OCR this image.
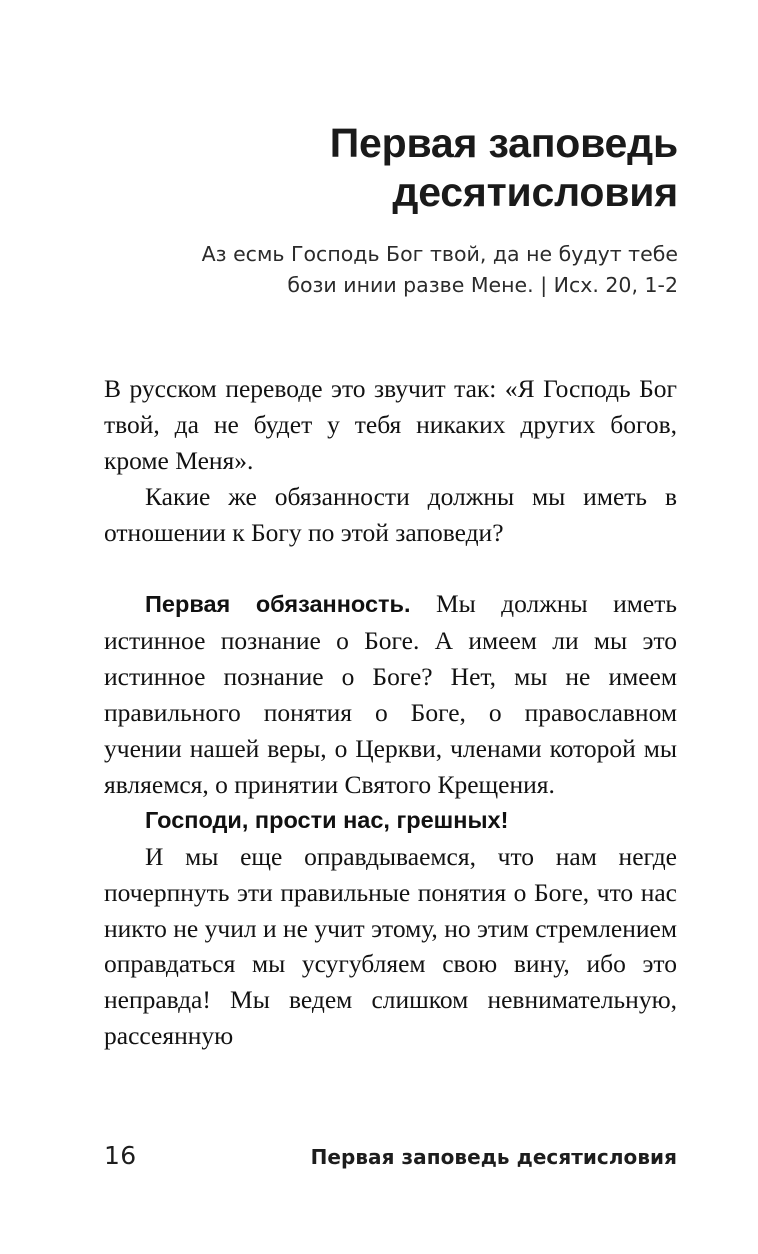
Первая заповедь
десятисловия
Аз есмь Господь Бог твой, да не будут тебе
бози инии разве Мене. | Исх. 20, 1-2

В русском переводе это звучит так: «Я Господь Бог твой, да не будет у тебя никаких других богов, кроме Меня».

Какие же обязанности должны мы иметь в отношении к Богу по этой заповеди?

Первая обязанность. Мы должны иметь истинное познание о Боге. А имеем ли мы это истинное познание о Боге? Нет, мы не имеем правильного понятия о Боге, о православном учении нашей веры, о Церкви, членами которой мы являемся, о принятии Святого Крещения.

Господи, прости нас, грешных!

И мы еще оправдываемся, что нам негде почерпнуть эти правильные понятия о Боге, что нас никто не учил и не учит этому, но этим стремлением оправдаться мы усугубляем свою вину, ибо это неправда! Мы ведем слишком невнимательную, рассеянную

16	Первая заповедь десятисловия
